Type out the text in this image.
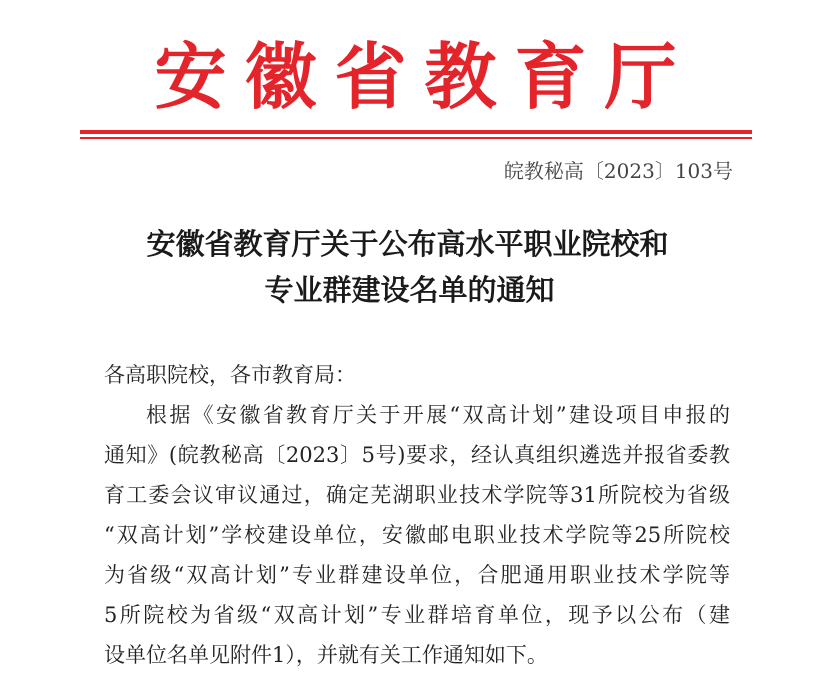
安徽省教育厅
皖教秘高〔2023〕103号
安徽省教育厅关于公布高水平职业院校和
专业群建设名单的通知
各高职院校，各市教育局：
根据《安徽省教育厅关于开展“双高计划”建设项目申报的
通知》(皖教秘高〔2023〕5号)要求，经认真组织遴选并报省委教
育工委会议审议通过，确定芜湖职业技术学院等31所院校为省级
“双高计划”学校建设单位，安徽邮电职业技术学院等25所院校
为省级“双高计划”专业群建设单位，合肥通用职业技术学院等
5所院校为省级“双高计划”专业群培育单位，现予以公布（建
设单位名单见附件1），并就有关工作通知如下。
